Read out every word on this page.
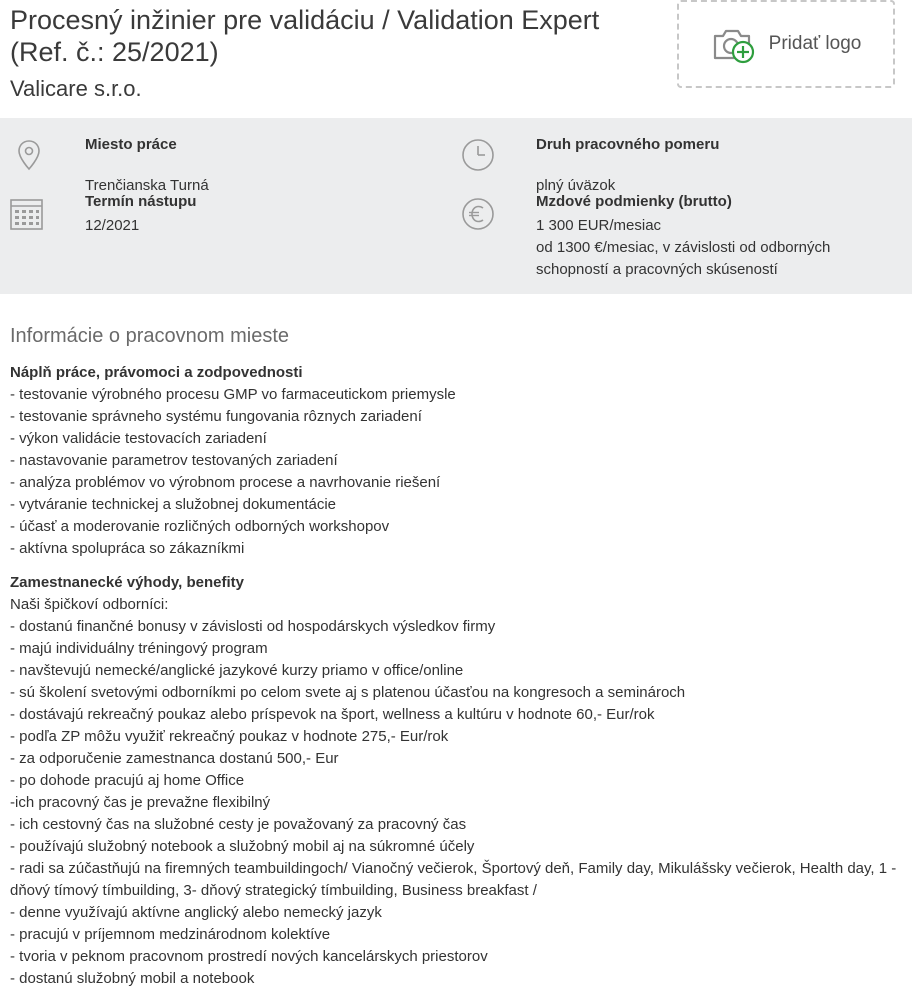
Procesný inžinier pre validáciu / Validation Expert (Ref. č.: 25/2021)
Valicare s.r.o.
Pridať logo
Miesto práce
Trenčianska Turná
Druh pracovného pomeru
plný úväzok
Termín nástupu
12/2021
Mzdové podmienky (brutto)
1 300 EUR/mesiac
od 1300 €/mesiac, v závislosti od odborných
schopností a pracovných skúseností
Informácie o pracovnom mieste

Náplň práce, právomoci a zodpovednosti

- testovanie výrobného procesu GMP vo farmaceutickom priemysle
- testovanie správneho systému fungovania rôznych zariadení
- výkon validácie testovacích zariadení
- nastavovanie parametrov testovaných zariadení
- analýza problémov vo výrobnom procese a navrhovanie riešení
- vytváranie technickej a služobnej dokumentácie
- účasť a moderovanie rozličných odborných workshopov
- aktívna spolupráca so zákazníkmi

Zamestnanecké výhody, benefity

Naši špičkoví odborníci:

- dostanú finančné bonusy v závislosti od hospodárskych výsledkov firmy
- majú individuálny tréningový program
- navštevujú nemecké/anglické jazykové kurzy priamo v office/online
- sú školení svetovými odborníkmi po celom svete aj s platenou účasťou na kongresoch a seminároch
- dostávajú rekreačný poukaz alebo príspevok na šport, wellness a kultúru v hodnote 60,- Eur/rok
- podľa ZP môžu využiť rekreačný poukaz v hodnote 275,- Eur/rok
- za odporučenie zamestnanca dostanú 500,- Eur
- po dohode pracujú aj home Office
-ich pracovný čas je prevažne flexibilný
- ich cestovný čas na služobné cesty je považovaný za pracovný čas
- používajú služobný notebook a služobný mobil aj na súkromné účely
- radi sa zúčastňujú na firemných teambuildingoch/ Vianočný večierok, Športový deň, Family day, Mikulášsky večierok, Health day, 1 -dňový tímový tímbuilding, 3- dňový strategický tímbuilding, Business breakfast /
- denne využívajú aktívne anglický alebo nemecký jazyk
- pracujú v príjemnom medzinárodnom kolektíve
- tvoria v peknom pracovnom prostredí nových kancelárskych priestorov
- dostanú služobný mobil a notebook
